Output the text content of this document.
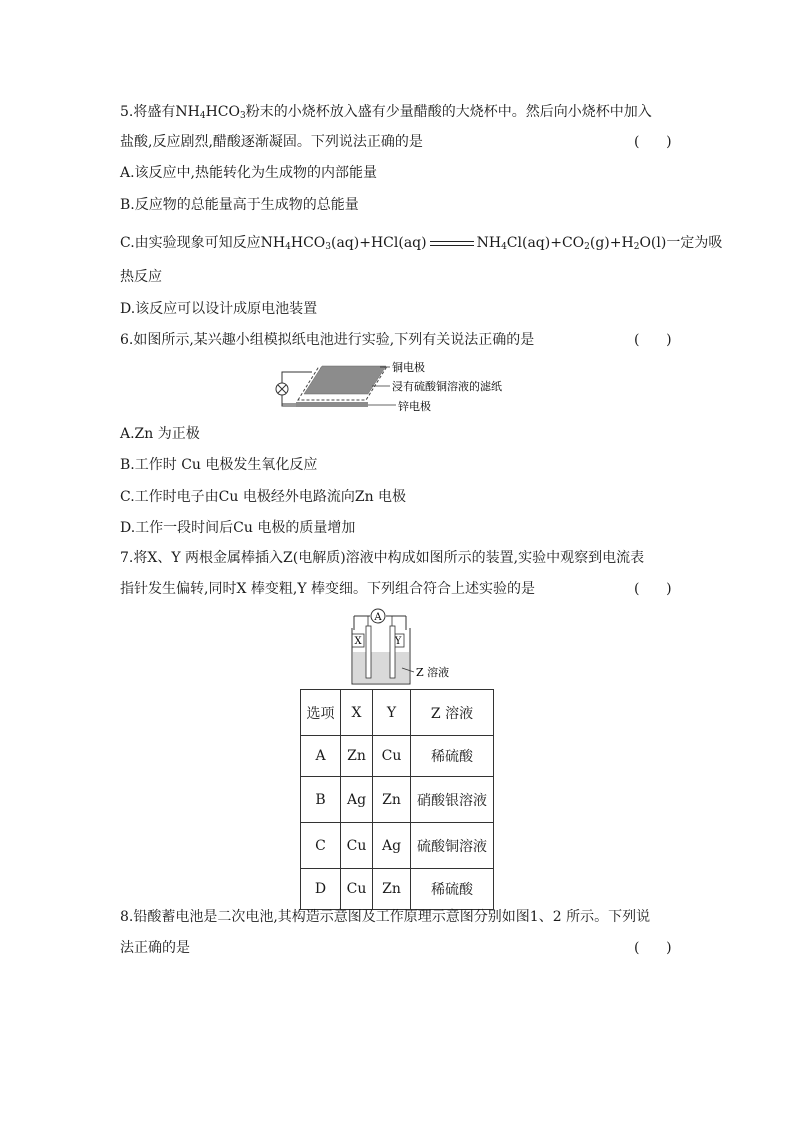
5.将盛有$NH_4HCO_3$粉末的小烧杯放入盛有少量醋酸的大烧杯中。然后向小烧杯中加入
盐酸,反应剧烈,醋酸逐渐凝固。下列说法正确的是	(      )
A.该反应中,热能转化为生成物的内部能量
B.反应物的总能量高于生成物的总能量
C.由实验现象可知反应$NH_4HCO_3(aq)+HCl(aq)$	$NH_4Cl(aq)+CO_2(g)+H_2O(l)$一定为吸
热反应
D.该反应可以设计成原电池装置
6.如图所示,某兴趣小组模拟纸电池进行实验,下列有关说法正确的是	(      )
铜电极
浸有硫酸铜溶液的滤纸
锌电极
A.Zn 为正极
B.工作时 Cu 电极发生氧化反应
C.工作时电子由Cu 电极经外电路流向Zn 电极
D.工作一段时间后Cu 电极的质量增加
7.将X、Y 两根金属棒插入Z(电解质)溶液中构成如图所示的装置,实验中观察到电流表
指针发生偏转,同时X 棒变粗,Y 棒变细。下列组合符合上述实验的是	(      )
A
X	Y
Z 溶液
选项	X	Y	Z 溶液
A	Zn	Cu	稀硫酸
B	Ag	Zn	硝酸银溶液
C	Cu	Ag	硫酸铜溶液
D	Cu	Zn	稀硫酸
8.铅酸蓄电池是二次电池,其构造示意图及工作原理示意图分别如图1、2 所示。下列说
法正确的是	(      )
